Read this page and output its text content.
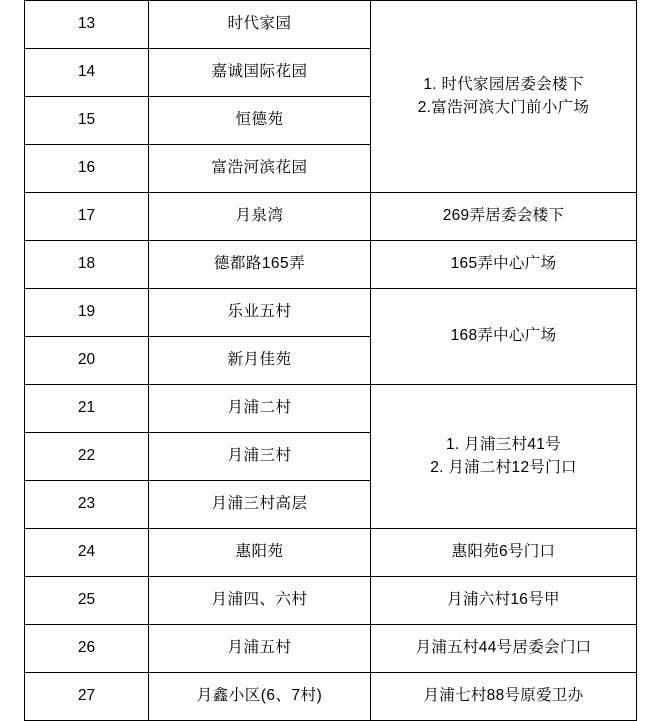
13	时代家园	1. 时代家园居委会楼下
2.富浩河滨大门前小广场

14	嘉诚国际花园	
15	恒德苑	
16	富浩河滨花园	
17	月泉湾	269弄居委会楼下
18	德都路165弄	165弄中心广场
19	乐业五村	168弄中心广场
20	新月佳苑	
21	月浦二村	1. 月浦三村41号
2. 月浦二村12号门口

22	月浦三村	
23	月浦三村高层	
24	惠阳苑	惠阳苑6号门口
25	月浦四、六村	月浦六村16号甲
26	月浦五村	月浦五村44号居委会门口
27	月鑫小区(6、7村)	月浦七村88号原爱卫办
